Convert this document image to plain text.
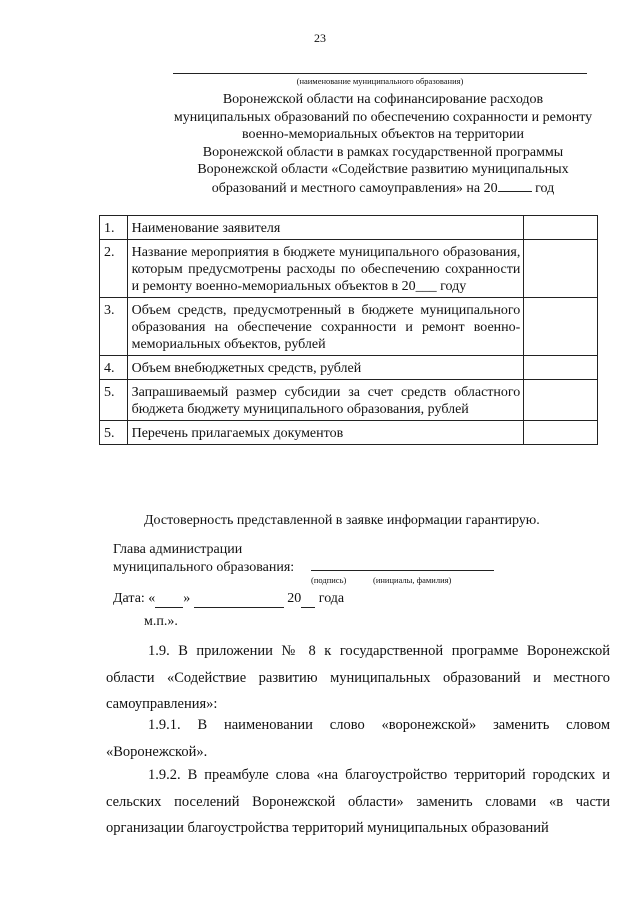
23
(наименование муниципального образования)
Воронежской области на софинансирование расходов
муниципальных образований по обеспечению сохранности и ремонту
военно-мемориальных объектов на территории
Воронежской области в рамках государственной программы
Воронежской области «Содействие развитию муниципальных
образований и местного самоуправления» на 20 год
1.	Наименование заявителя	
2.	Название мероприятия в бюджете муниципального образования, которым предусмотрены расходы по обеспечению сохранности и ремонту военно-мемориальных объектов в 20___ году	
3.	Объем средств, предусмотренный в бюджете муниципального образования на обеспечение сохранности и ремонт военно-мемориальных объектов, рублей	
4.	Объем внебюджетных средств, рублей	
5.	Запрашиваемый размер субсидии за счет средств областного бюджета бюджету муниципального образования, рублей	
5.	Перечень прилагаемых документов	
Достоверность представленной в заявке информации гарантирую.
Глава администрации
муниципального образования:
(подпись)	(инициалы, фамилия)
Дата: « »	20  года
м.п.».
1.9. В приложении № 8 к государственной программе Воронежской области «Содействие развитию муниципальных образований и местного самоуправления»:
1.9.1. В наименовании слово «воронежской» заменить словом «Воронежской».
1.9.2. В преамбуле слова «на благоустройство территорий городских и сельских поселений Воронежской области» заменить словами «в части организации благоустройства территорий муниципальных образований
